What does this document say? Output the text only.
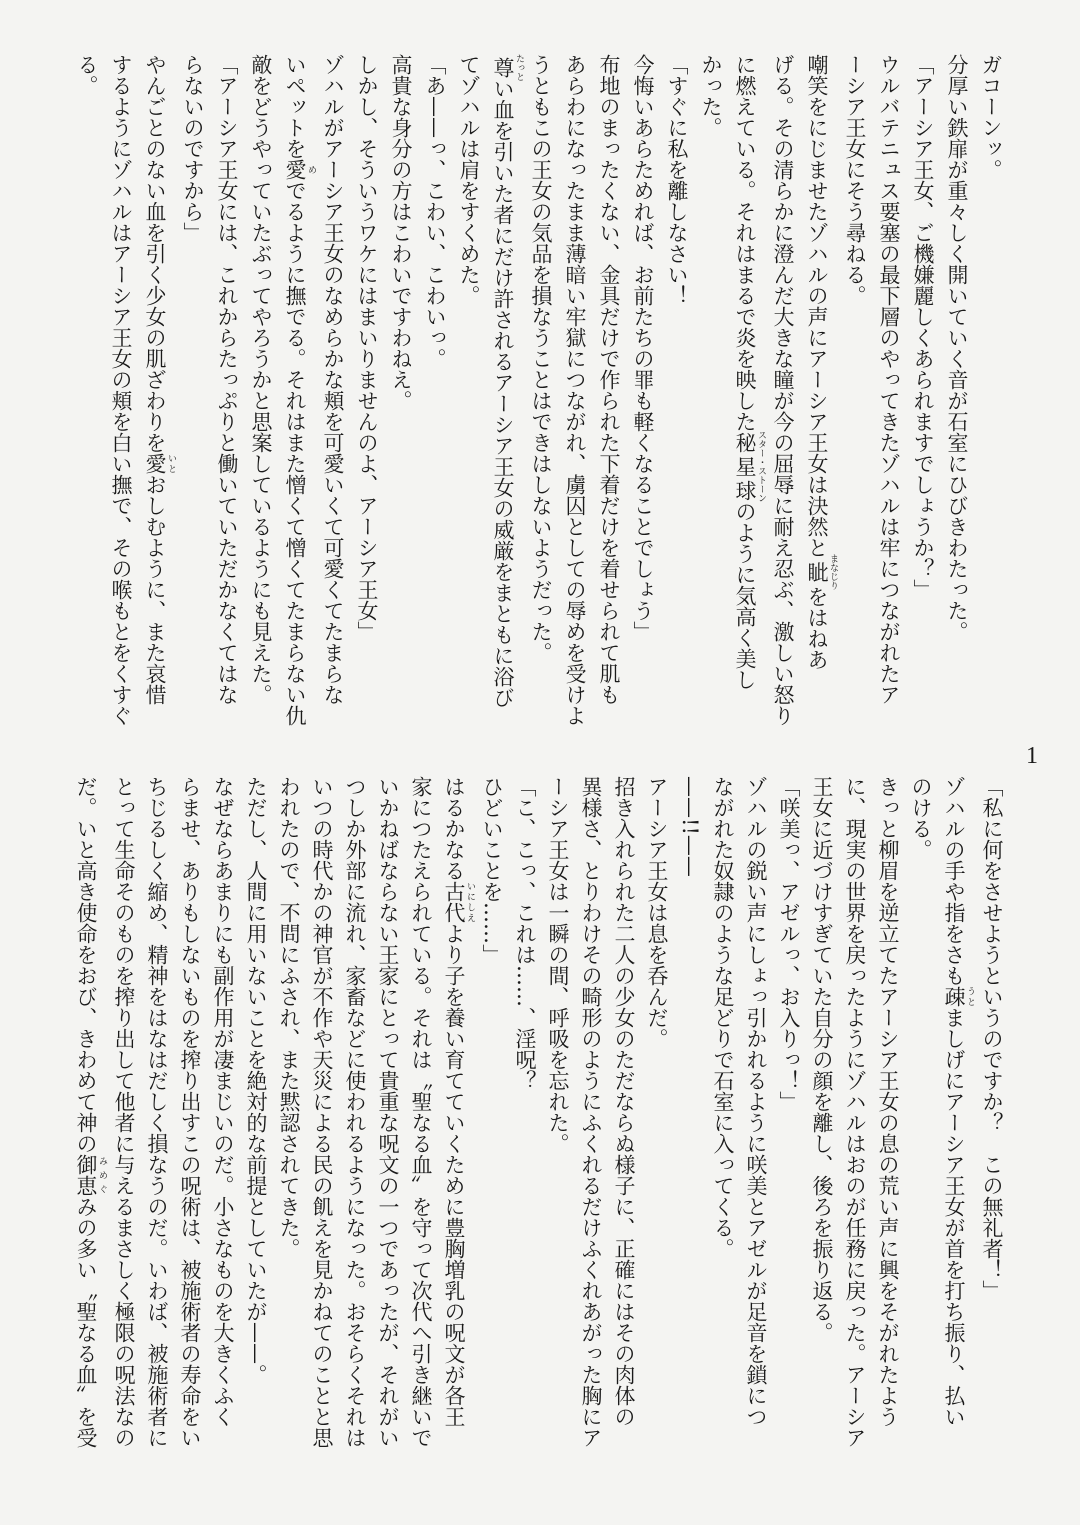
ガコーンッ。
分厚い鉄扉が重々しく開いていく音が石室にひびきわたった。
「アーシア王女、ご機嫌麗しくあられますでしょうか？」
ウルバテニュス要塞の最下層のやってきたゾハルは牢につながれたア
ーシア王女にそう尋ねる。
嘲笑をにじませたゾハルの声にアーシア王女は決然と眦 まなじりをはねあ
げる。その清らかに澄んだ大きな瞳が今の屈辱に耐え忍ぶ、激しい怒り
に燃えている。それはまるで炎を映した秘星球 スター・ストーンのように気高く美し
かった。
「すぐに私を離しなさい！
今悔いあらためれば、お前たちの罪も軽くなることでしょう」
布地のまったくない、金具だけで作られた下着だけを着せられて肌も
あらわになったまま薄暗い牢獄につながれ、虜囚としての辱めを受けよ
うともこの王女の気品を損なうことはできはしないようだった。
尊 たっとい血を引いた者にだけ許されるアーシア王女の威厳をまともに浴び
てゾハルは肩をすくめた。
「あ——っ、こわい、こわいっ。
高貴な身分の方はこわいですわねえ。
しかし、そういうワケにはまいりませんのよ、アーシア王女」
ゾハルがアーシア王女のなめらかな頬を可愛いくて可愛くてたまらな
いペットを愛 めでるように撫でる。それはまた憎くて憎くてたまらない仇
敵をどうやっていたぶってやろうかと思案しているようにも見えた。
「アーシア王女には、これからたっぷりと働いていただかなくてはな
らないのですから」
やんごとのない血を引く少女の肌ざわりを愛 いとおしむように、また哀惜
するようにゾハルはアーシア王女の頬を白い撫で、その喉もとをくすぐ
る。
「私に何をさせようというのですか？　この無礼者！」
ゾハルの手や指をさも疎 うとましげにアーシア王女が首を打ち振り、払い
のける。
きっと柳眉を逆立てたアーシア王女の息の荒い声に興をそがれたよう
に、現実の世界を戻ったようにゾハルはおのが任務に戻った。アーシア
王女に近づけすぎていた自分の顔を離し、後ろを振り返る。
「咲美っ、アゼルっ、お入りっ！」
ゾハルの鋭い声にしょっ引かれるように咲美とアゼルが足音を鎖につ
ながれた奴隷のような足どりで石室に入ってくる。
——!!——
アーシア王女は息を呑んだ。
招き入れられた二人の少女のただならぬ様子に、正確にはその肉体の
異様さ、とりわけその畸形のようにふくれるだけふくれあがった胸にア
ーシア王女は一瞬の間、呼吸を忘れた。
「こ、こっ、これは……、淫呪？
ひどいことを……」
はるかなる古代 いにしえより子を養い育てていくために豊胸増乳の呪文が各王
家につたえられている。それは〝聖なる血〟を守って次代へ引き継いで
いかねばならない王家にとって貴重な呪文の一つであったが、それがい
つしか外部に流れ、家畜などに使われるようになった。おそらくそれは
いつの時代かの神官が不作や天災による民の飢えを見かねてのことと思
われたので、不問にふされ、また黙認されてきた。
ただし、人間に用いないことを絶対的な前提としていたが——。
なぜならあまりにも副作用が凄まじいのだ。小さなものを大きくふく
らませ、ありもしないものを搾り出すこの呪術は、被施術者の寿命をい
ちじるしく縮め、精神をはなはだしく損なうのだ。いわば、被施術者に
とって生命そのものを搾り出して他者に与えるまさしく極限の呪法なの
だ。いと高き使命をおび、きわめて神の御恵 みめぐみの多い〝聖なる血〟を受
1
